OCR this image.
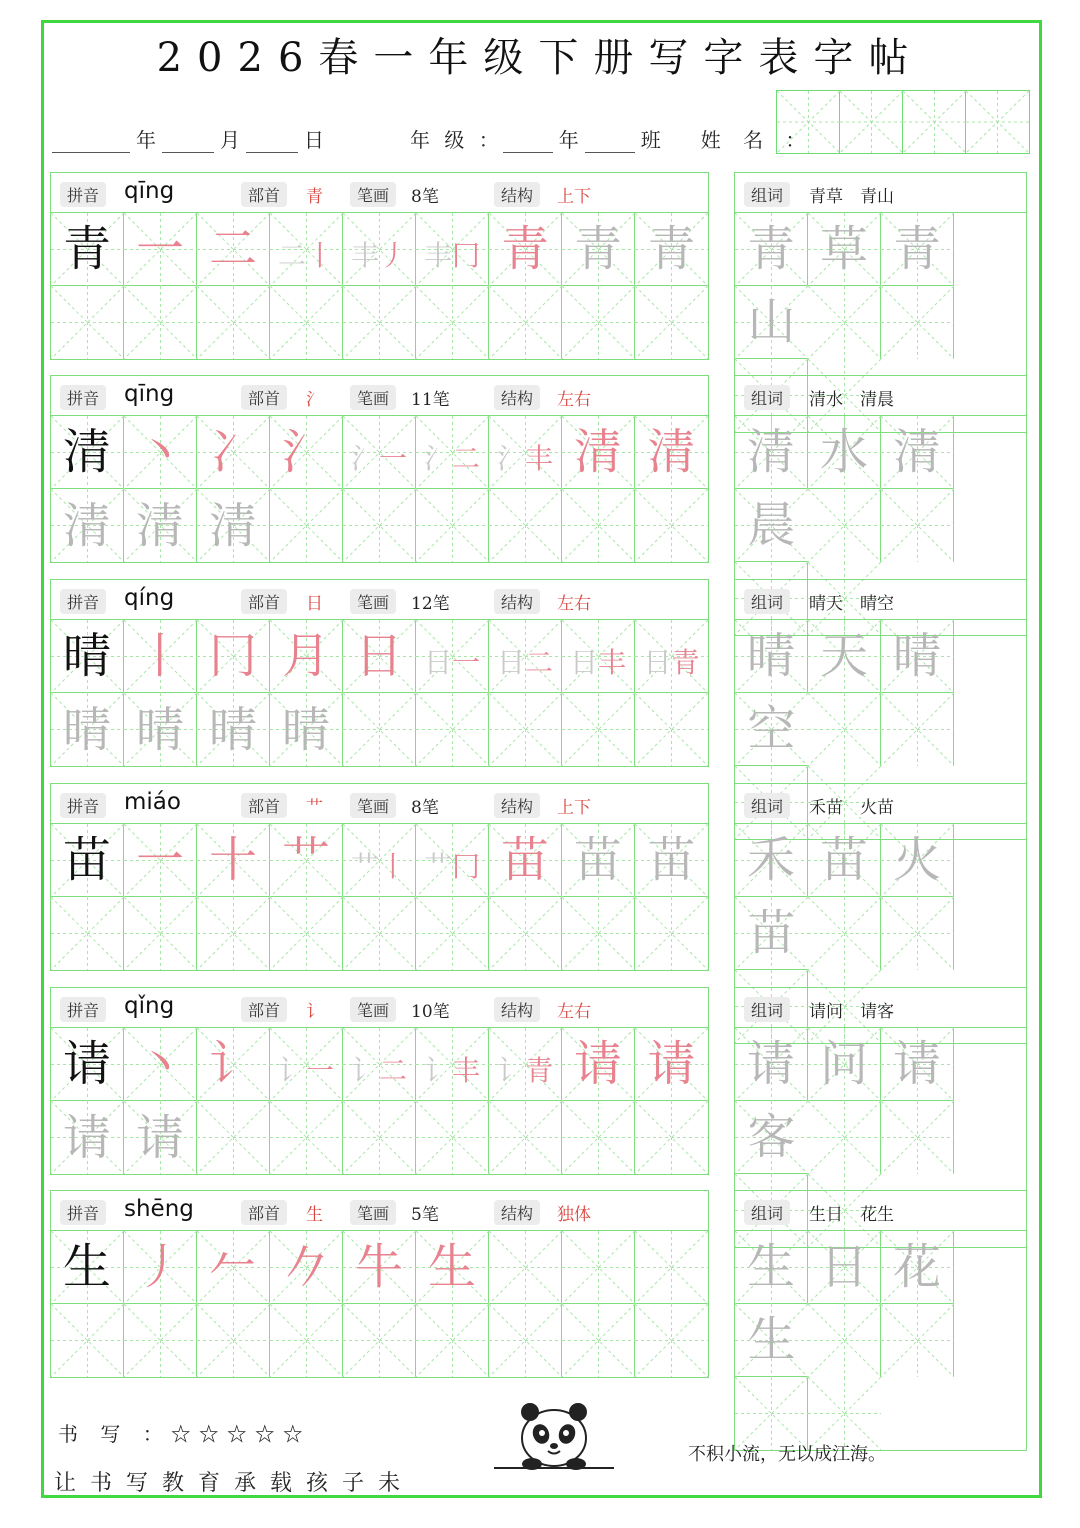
2026春一年级下册写字表字帖
年	月	日	年 级 ：	年	班 姓 名 ：
拼音	qīng	部首	青	笔画	8笔	结构	上下
青 一 二 二丨 丰丿 丰冂 青 青 青
组词	青草　青山
青 草 青
山
拼音	qīng	部首	氵	笔画	11笔	结构	左右
清 丶 冫 氵 氵一 氵二 氵丰 清 清
清 清 清
组词	清水　清晨
清 水 清
晨
拼音	qíng	部首	日	笔画	12笔	结构	左右
晴 丨 冂 月 日 日一 日二 日丰 日青
晴 晴 晴 晴
组词	晴天　晴空
晴 天 晴
空
拼音	miáo	部首	艹	笔画	8笔	结构	上下
苗 一 十 艹 艹丨 艹冂 苗 苗 苗
组词	禾苗　火苗
禾 苗 火
苗
拼音	qǐng	部首	讠	笔画	10笔	结构	左右
请 丶 讠 讠一 讠二 讠丰 讠青 请 请
请 请
组词	请问　请客
请 问 请
客
拼音	shēng	部首	生	笔画	5笔	结构	独体
生 丿 𠂉 𠂊 牛 生
组词	生日　花生
生 日 花
生
书 写 ：☆☆☆☆☆
让书写教育承载孩子未
不积小流，无以成江海。
